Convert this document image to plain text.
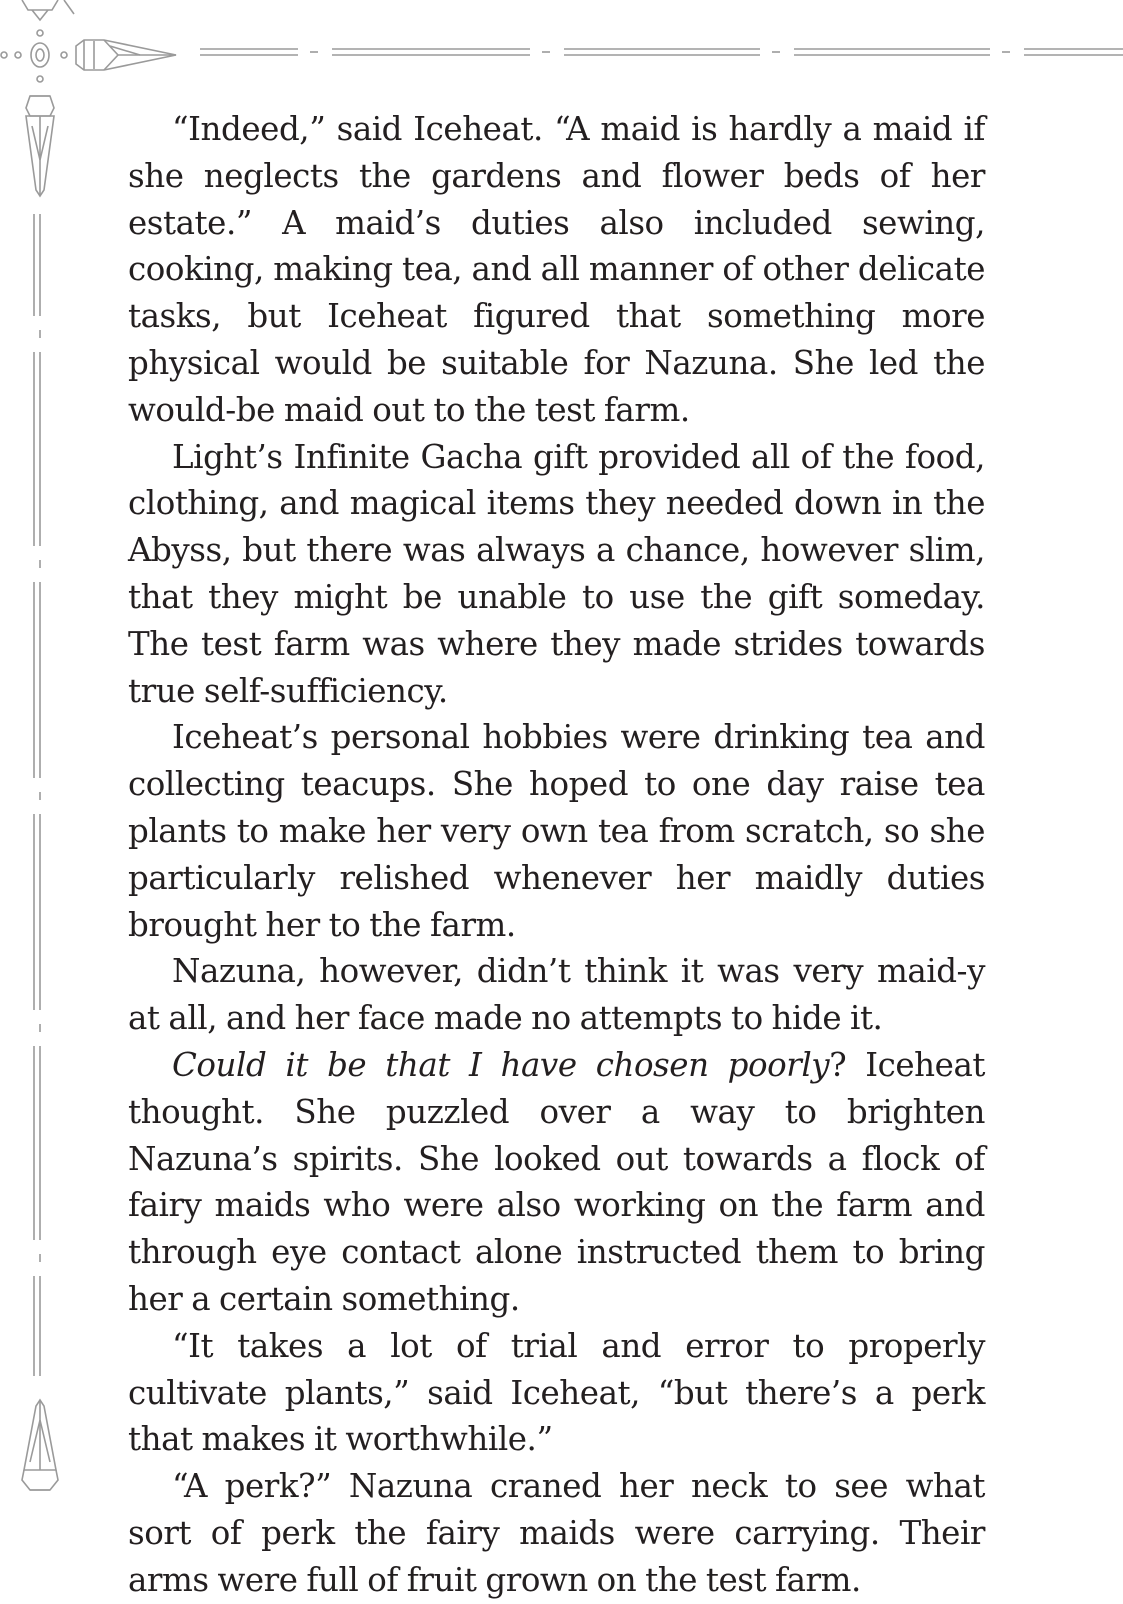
“Indeed,” said Iceheat. “A maid is hardly a maid if she neglects the gardens and flower beds of her estate.” A maid’s duties also included sewing, cooking, making tea, and all manner of other delicate tasks, but Iceheat figured that something more physical would be suitable for Nazuna. She led the would-be maid out to the test farm.

Light’s Infinite Gacha gift provided all of the food, clothing, and magical items they needed down in the Abyss, but there was always a chance, however slim, that they might be unable to use the gift someday. The test farm was where they made strides towards true self-sufficiency.

Iceheat’s personal hobbies were drinking tea and collecting teacups. She hoped to one day raise tea plants to make her very own tea from scratch, so she particularly relished whenever her maidly duties brought her to the farm.

Nazuna, however, didn’t think it was very maid-y at all, and her face made no attempts to hide it.

Could it be that I have chosen poorly? Iceheat thought. She puzzled over a way to brighten Nazuna’s spirits. She looked out towards a flock of fairy maids who were also working on the farm and through eye contact alone instructed them to bring her a certain something.

“It takes a lot of trial and error to properly cultivate plants,” said Iceheat, “but there’s a perk that makes it worthwhile.”

“A perk?” Nazuna craned her neck to see what sort of perk the fairy maids were carrying. Their arms were full of fruit grown on the test farm.
